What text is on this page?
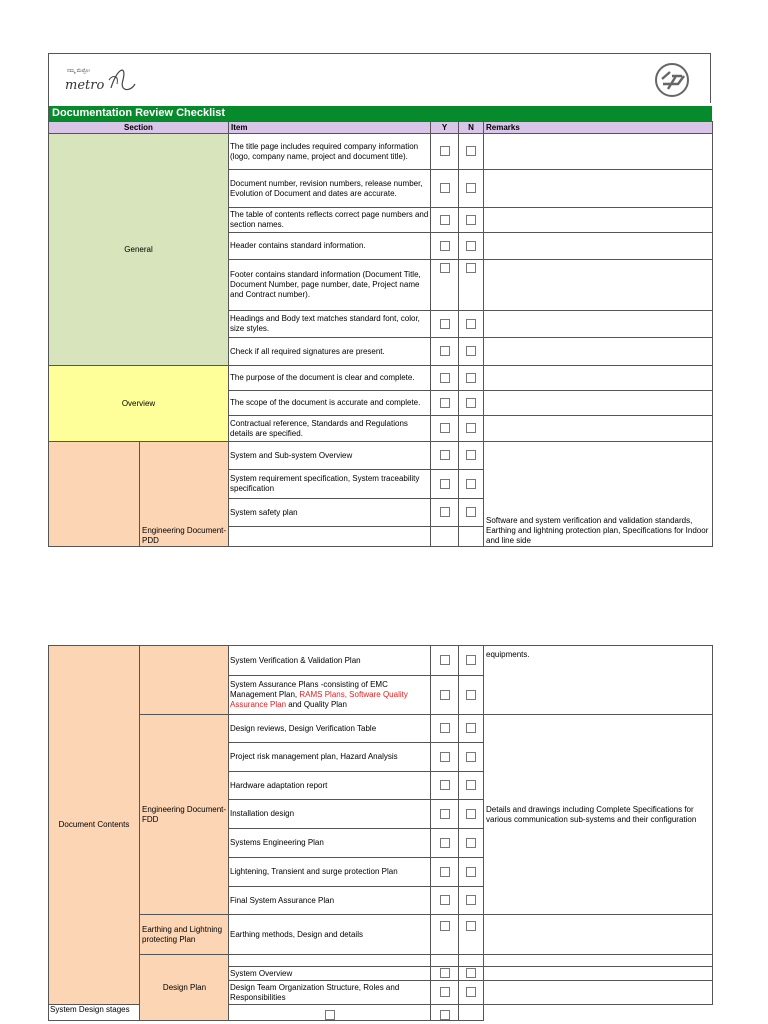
ನಮ್ಮ ಮೆಟ್ರೋ
metro
Documentation Review Checklist
Section		Item	Y	N	Remarks
General		The title page includes required company information (logo, company name, project and document title).			
		Document number, revision numbers, release number, Evolution of Document and dates are accurate.			
		The table of contents reflects correct page numbers and section names.			
		Header contains standard information.			
		Footer contains standard information (Document Title, Document Number, page number, date, Project name and Contract number).			
		Headings and Body text matches standard font, color, size styles.			
		Check if all required signatures are present.			
Overview		The purpose of the document is clear and complete.			
		The scope of the document is accurate and complete.			
		Contractual reference, Standards and Regulations details are specified.			
	Engineering Document- PDD	System and Sub-system Overview			Software and system verification and validation standards, Earthing and lightning protection plan, Specifications for Indoor and line side
		System requirement specification, System traceability specification			
		System safety plan			

Document Contents		System Verification & Validation Plan			equipments.
		System Assurance Plans -consisting of EMC Management Plan, RAMS Plans, Software Quality Assurance Plan and Quality Plan			
	Engineering Document- FDD	Design reviews, Design Verification Table			Details and drawings including Complete Specifications for various communication sub-systems and their configuration
		Project risk management plan, Hazard Analysis			
		Hardware adaptation report			
		Installation design			
		Systems Engineering Plan			
		Lightening, Transient and surge protection Plan			
		Final System Assurance Plan			
	Earthing and Lightning protecting Plan	Earthing methods, Design and details			
	Design Plan				
		System Overview			
		Design Team Organization Structure, Roles and Responsibilities			
System Design stages					
